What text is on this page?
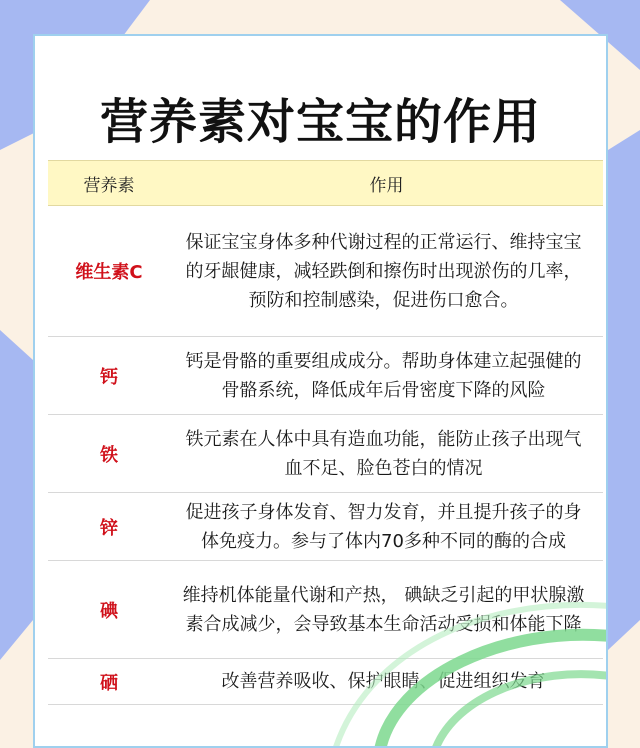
营养素对宝宝的作用
营养素	作用
维生素C
保证宝宝身体多种代谢过程的正常运行、维持宝宝的牙龈健康，减轻跌倒和擦伤时出现淤伤的几率，预防和控制感染，促进伤口愈合。
钙
钙是骨骼的重要组成成分。帮助身体建立起强健的骨骼系统，降低成年后骨密度下降的风险
铁
铁元素在人体中具有造血功能，能防止孩子出现气血不足、脸色苍白的情况
锌
促进孩子身体发育、智力发育，并且提升孩子的身体免疫力。参与了体内70多种不同的酶的合成
碘
维持机体能量代谢和产热， 碘缺乏引起的甲状腺激素合成减少，会导致基本生命活动受损和体能下降
硒	改善营养吸收、保护眼睛、促进组织发育
